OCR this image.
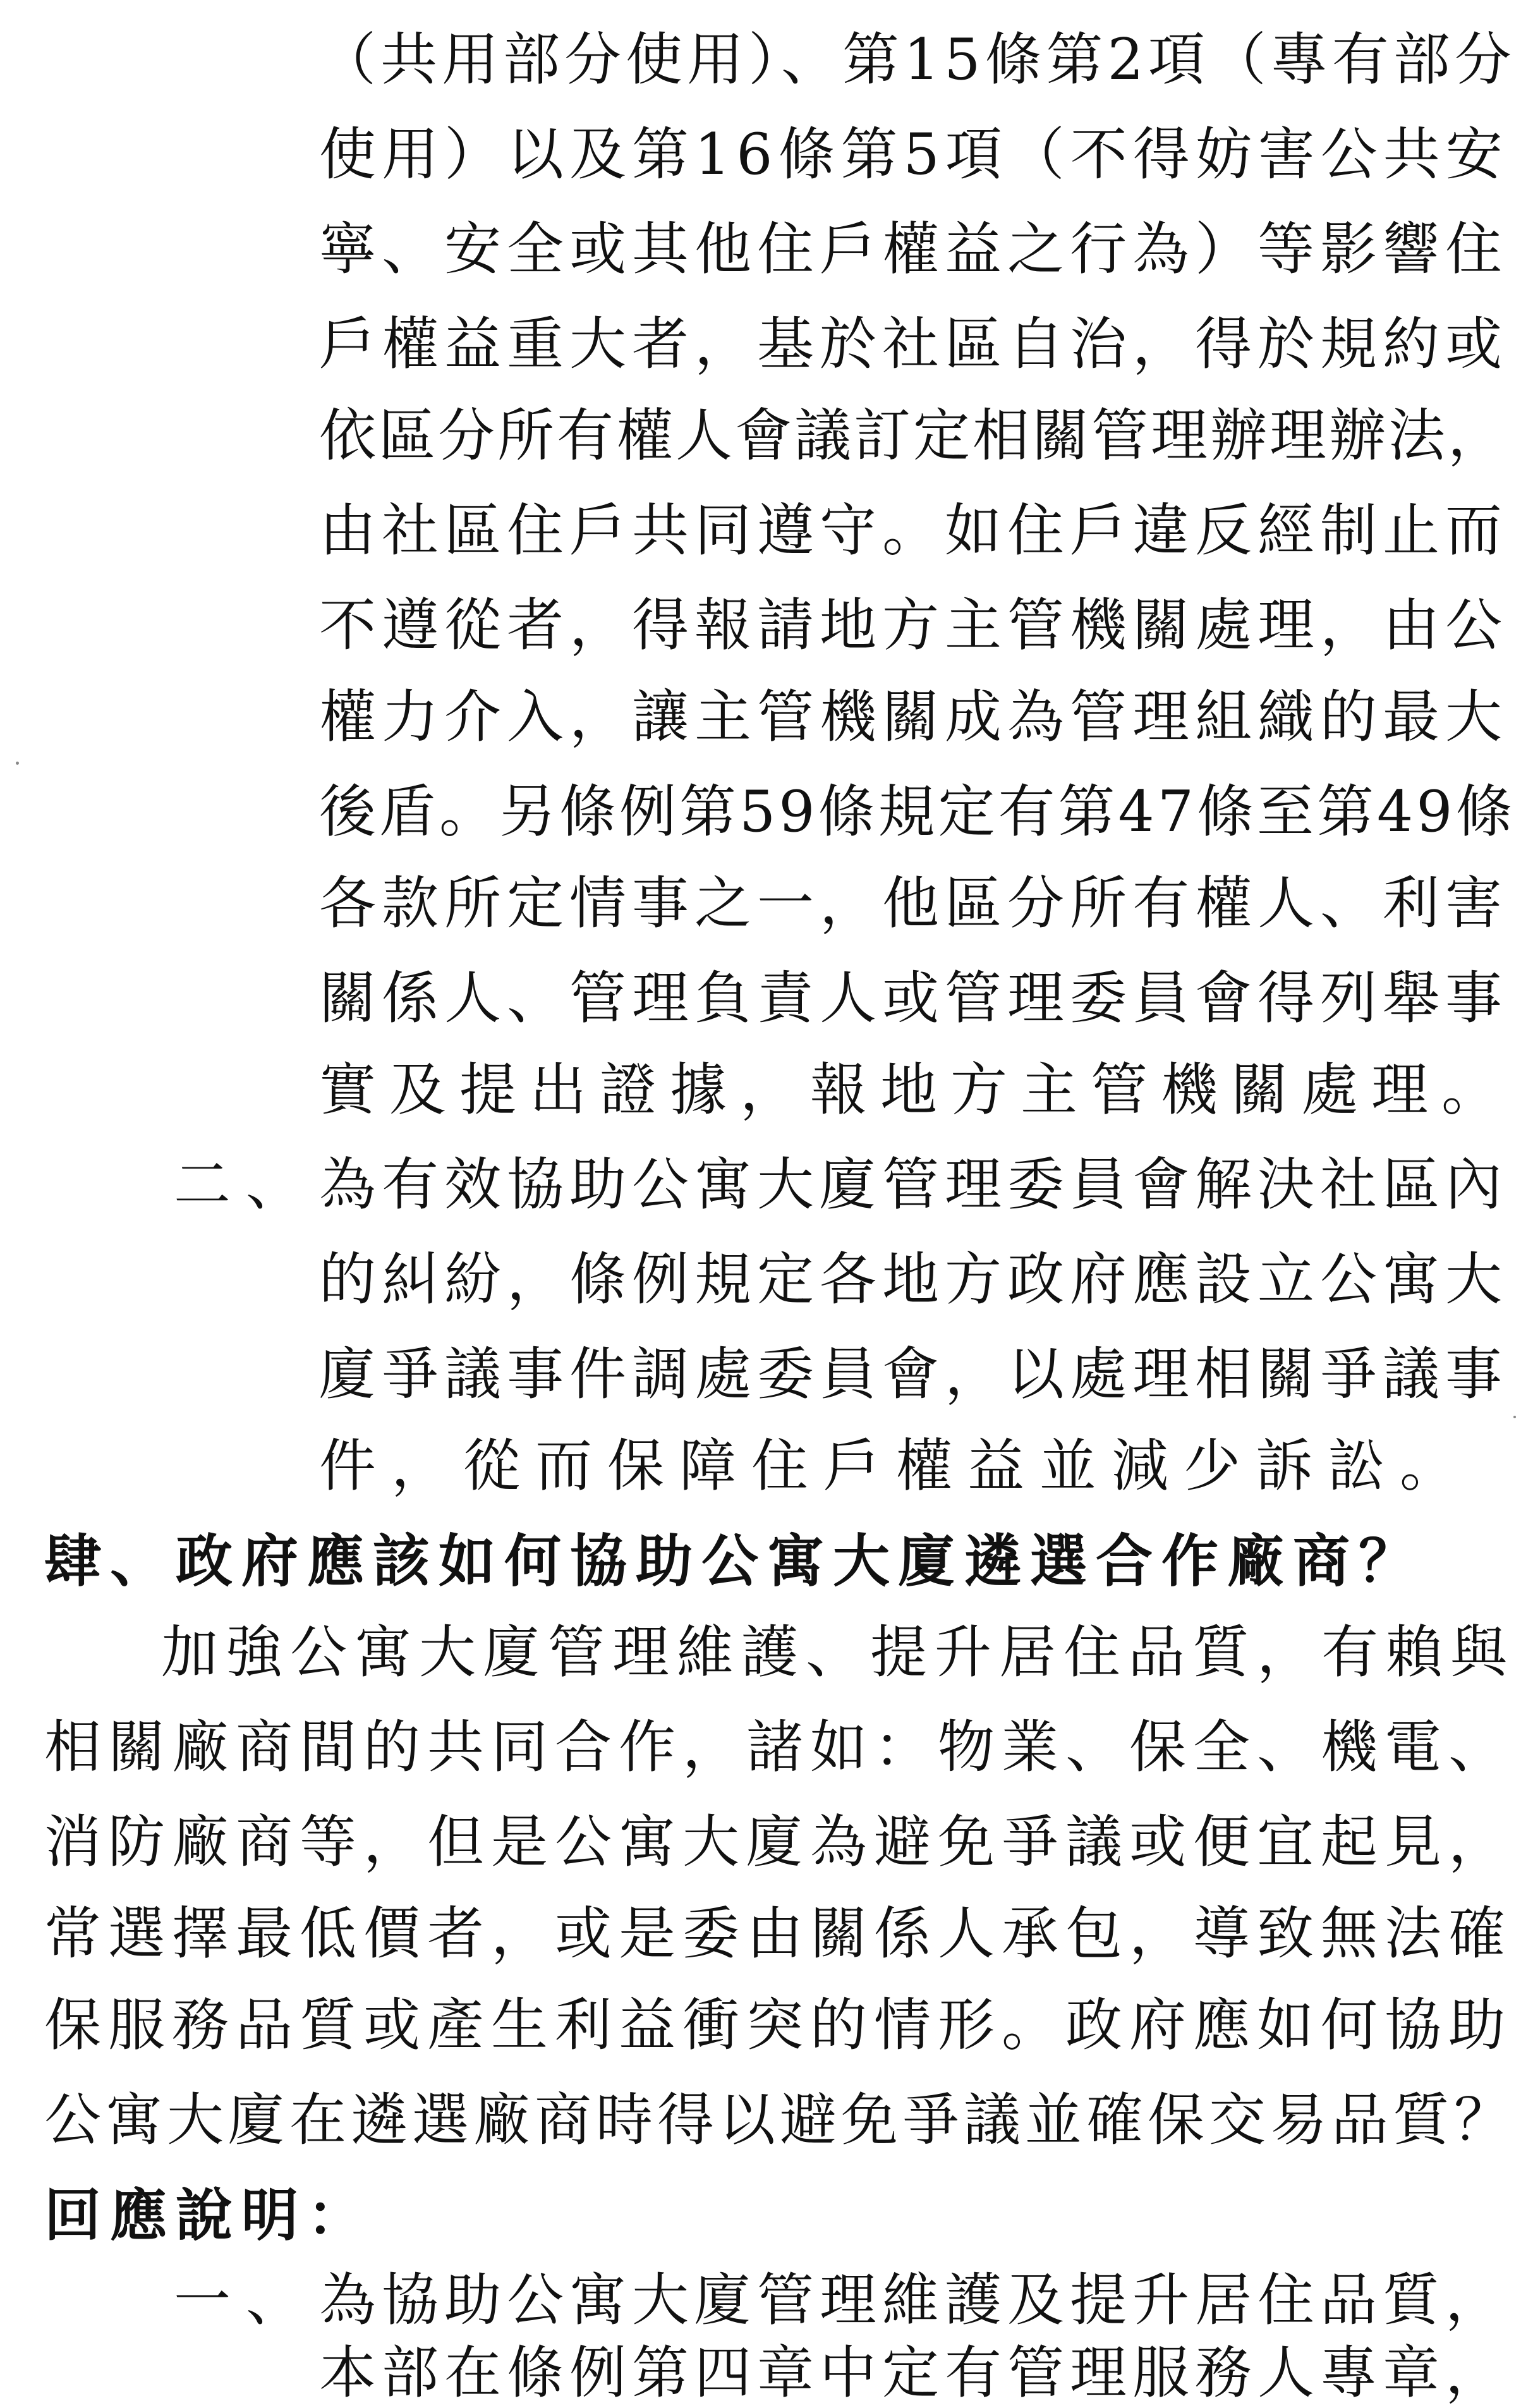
（共用部分使用）、第15條第2項（專有部分
使用）以及第16條第5項（不得妨害公共安
寧、安全或其他住戶權益之行為）等影響住
戶權益重大者，基於社區自治，得於規約或
依區分所有權人會議訂定相關管理辦理辦法，
由社區住戶共同遵守。如住戶違反經制止而
不遵從者，得報請地方主管機關處理，由公
權力介入，讓主管機關成為管理組織的最大
後盾。另條例第59條規定有第47條至第49條
各款所定情事之一，他區分所有權人、利害
關係人、管理負責人或管理委員會得列舉事
實及提出證據，報地方主管機關處理。
二、 為有效協助公寓大廈管理委員會解決社區內
的糾紛，條例規定各地方政府應設立公寓大
廈爭議事件調處委員會，以處理相關爭議事
件，從而保障住戶權益並減少訴訟。
肆、政府應該如何協助公寓大廈遴選合作廠商？
加強公寓大廈管理維護、提升居住品質，有賴與
相關廠商間的共同合作，諸如：物業、保全、機電、
消防廠商等，但是公寓大廈為避免爭議或便宜起見，
常選擇最低價者，或是委由關係人承包，導致無法確
保服務品質或產生利益衝突的情形。政府應如何協助
公寓大廈在遴選廠商時得以避免爭議並確保交易品質？
回應說明：
一、 為協助公寓大廈管理維護及提升居住品質，
本部在條例第四章中定有管理服務人專章，
